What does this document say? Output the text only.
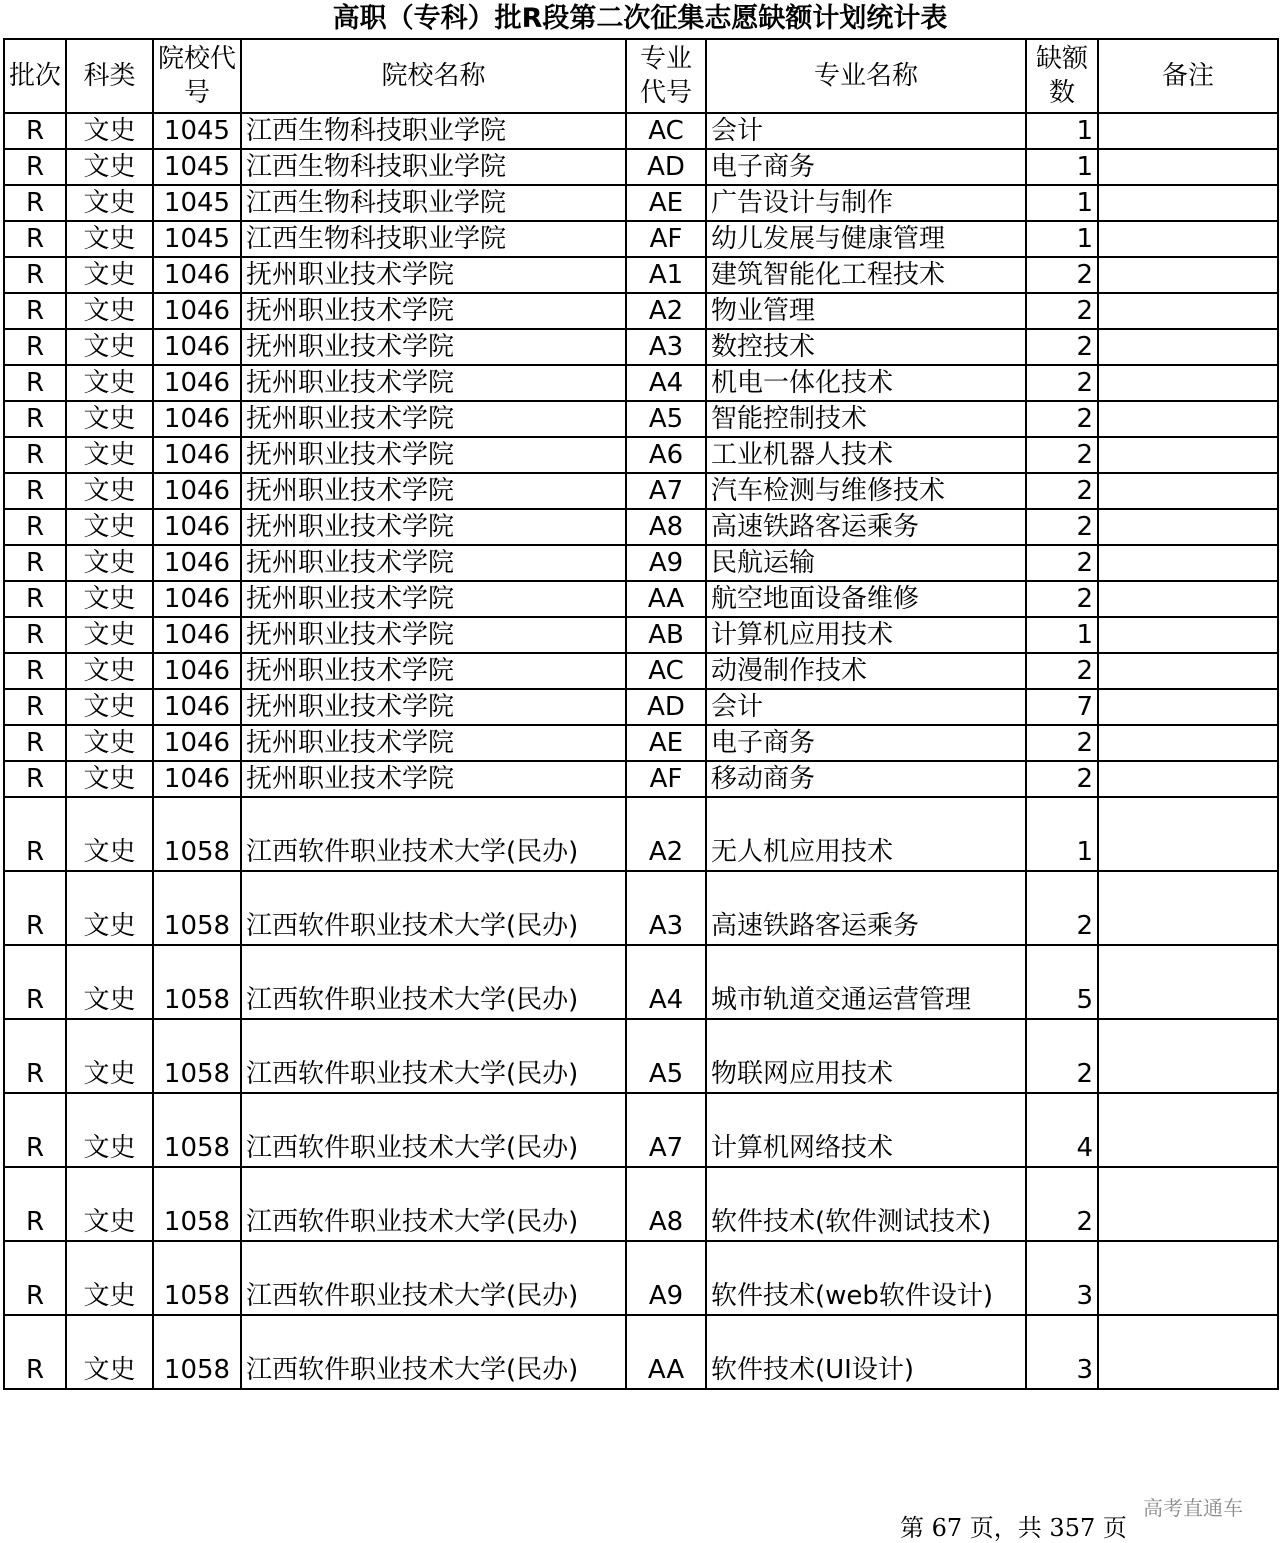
高职（专科）批R段第二次征集志愿缺额计划统计表
批次	科类	院校代号	院校名称	专业代号	专业名称	缺额数	备注
R	文史	1045	江西生物科技职业学院	AC	会计	1	
R	文史	1045	江西生物科技职业学院	AD	电子商务	1	
R	文史	1045	江西生物科技职业学院	AE	广告设计与制作	1	
R	文史	1045	江西生物科技职业学院	AF	幼儿发展与健康管理	1	
R	文史	1046	抚州职业技术学院	A1	建筑智能化工程技术	2	
R	文史	1046	抚州职业技术学院	A2	物业管理	2	
R	文史	1046	抚州职业技术学院	A3	数控技术	2	
R	文史	1046	抚州职业技术学院	A4	机电一体化技术	2	
R	文史	1046	抚州职业技术学院	A5	智能控制技术	2	
R	文史	1046	抚州职业技术学院	A6	工业机器人技术	2	
R	文史	1046	抚州职业技术学院	A7	汽车检测与维修技术	2	
R	文史	1046	抚州职业技术学院	A8	高速铁路客运乘务	2	
R	文史	1046	抚州职业技术学院	A9	民航运输	2	
R	文史	1046	抚州职业技术学院	AA	航空地面设备维修	2	
R	文史	1046	抚州职业技术学院	AB	计算机应用技术	1	
R	文史	1046	抚州职业技术学院	AC	动漫制作技术	2	
R	文史	1046	抚州职业技术学院	AD	会计	7	
R	文史	1046	抚州职业技术学院	AE	电子商务	2	
R	文史	1046	抚州职业技术学院	AF	移动商务	2	
R	文史	1058	江西软件职业技术大学(民办)	A2	无人机应用技术	1	
R	文史	1058	江西软件职业技术大学(民办)	A3	高速铁路客运乘务	2	
R	文史	1058	江西软件职业技术大学(民办)	A4	城市轨道交通运营管理	5	
R	文史	1058	江西软件职业技术大学(民办)	A5	物联网应用技术	2	
R	文史	1058	江西软件职业技术大学(民办)	A7	计算机网络技术	4	
R	文史	1058	江西软件职业技术大学(民办)	A8	软件技术(软件测试技术)	2	
R	文史	1058	江西软件职业技术大学(民办)	A9	软件技术(web软件设计)	3	
R	文史	1058	江西软件职业技术大学(民办)	AA	软件技术(UI设计)	3	
高考直通车
第 67 页，共 357 页
